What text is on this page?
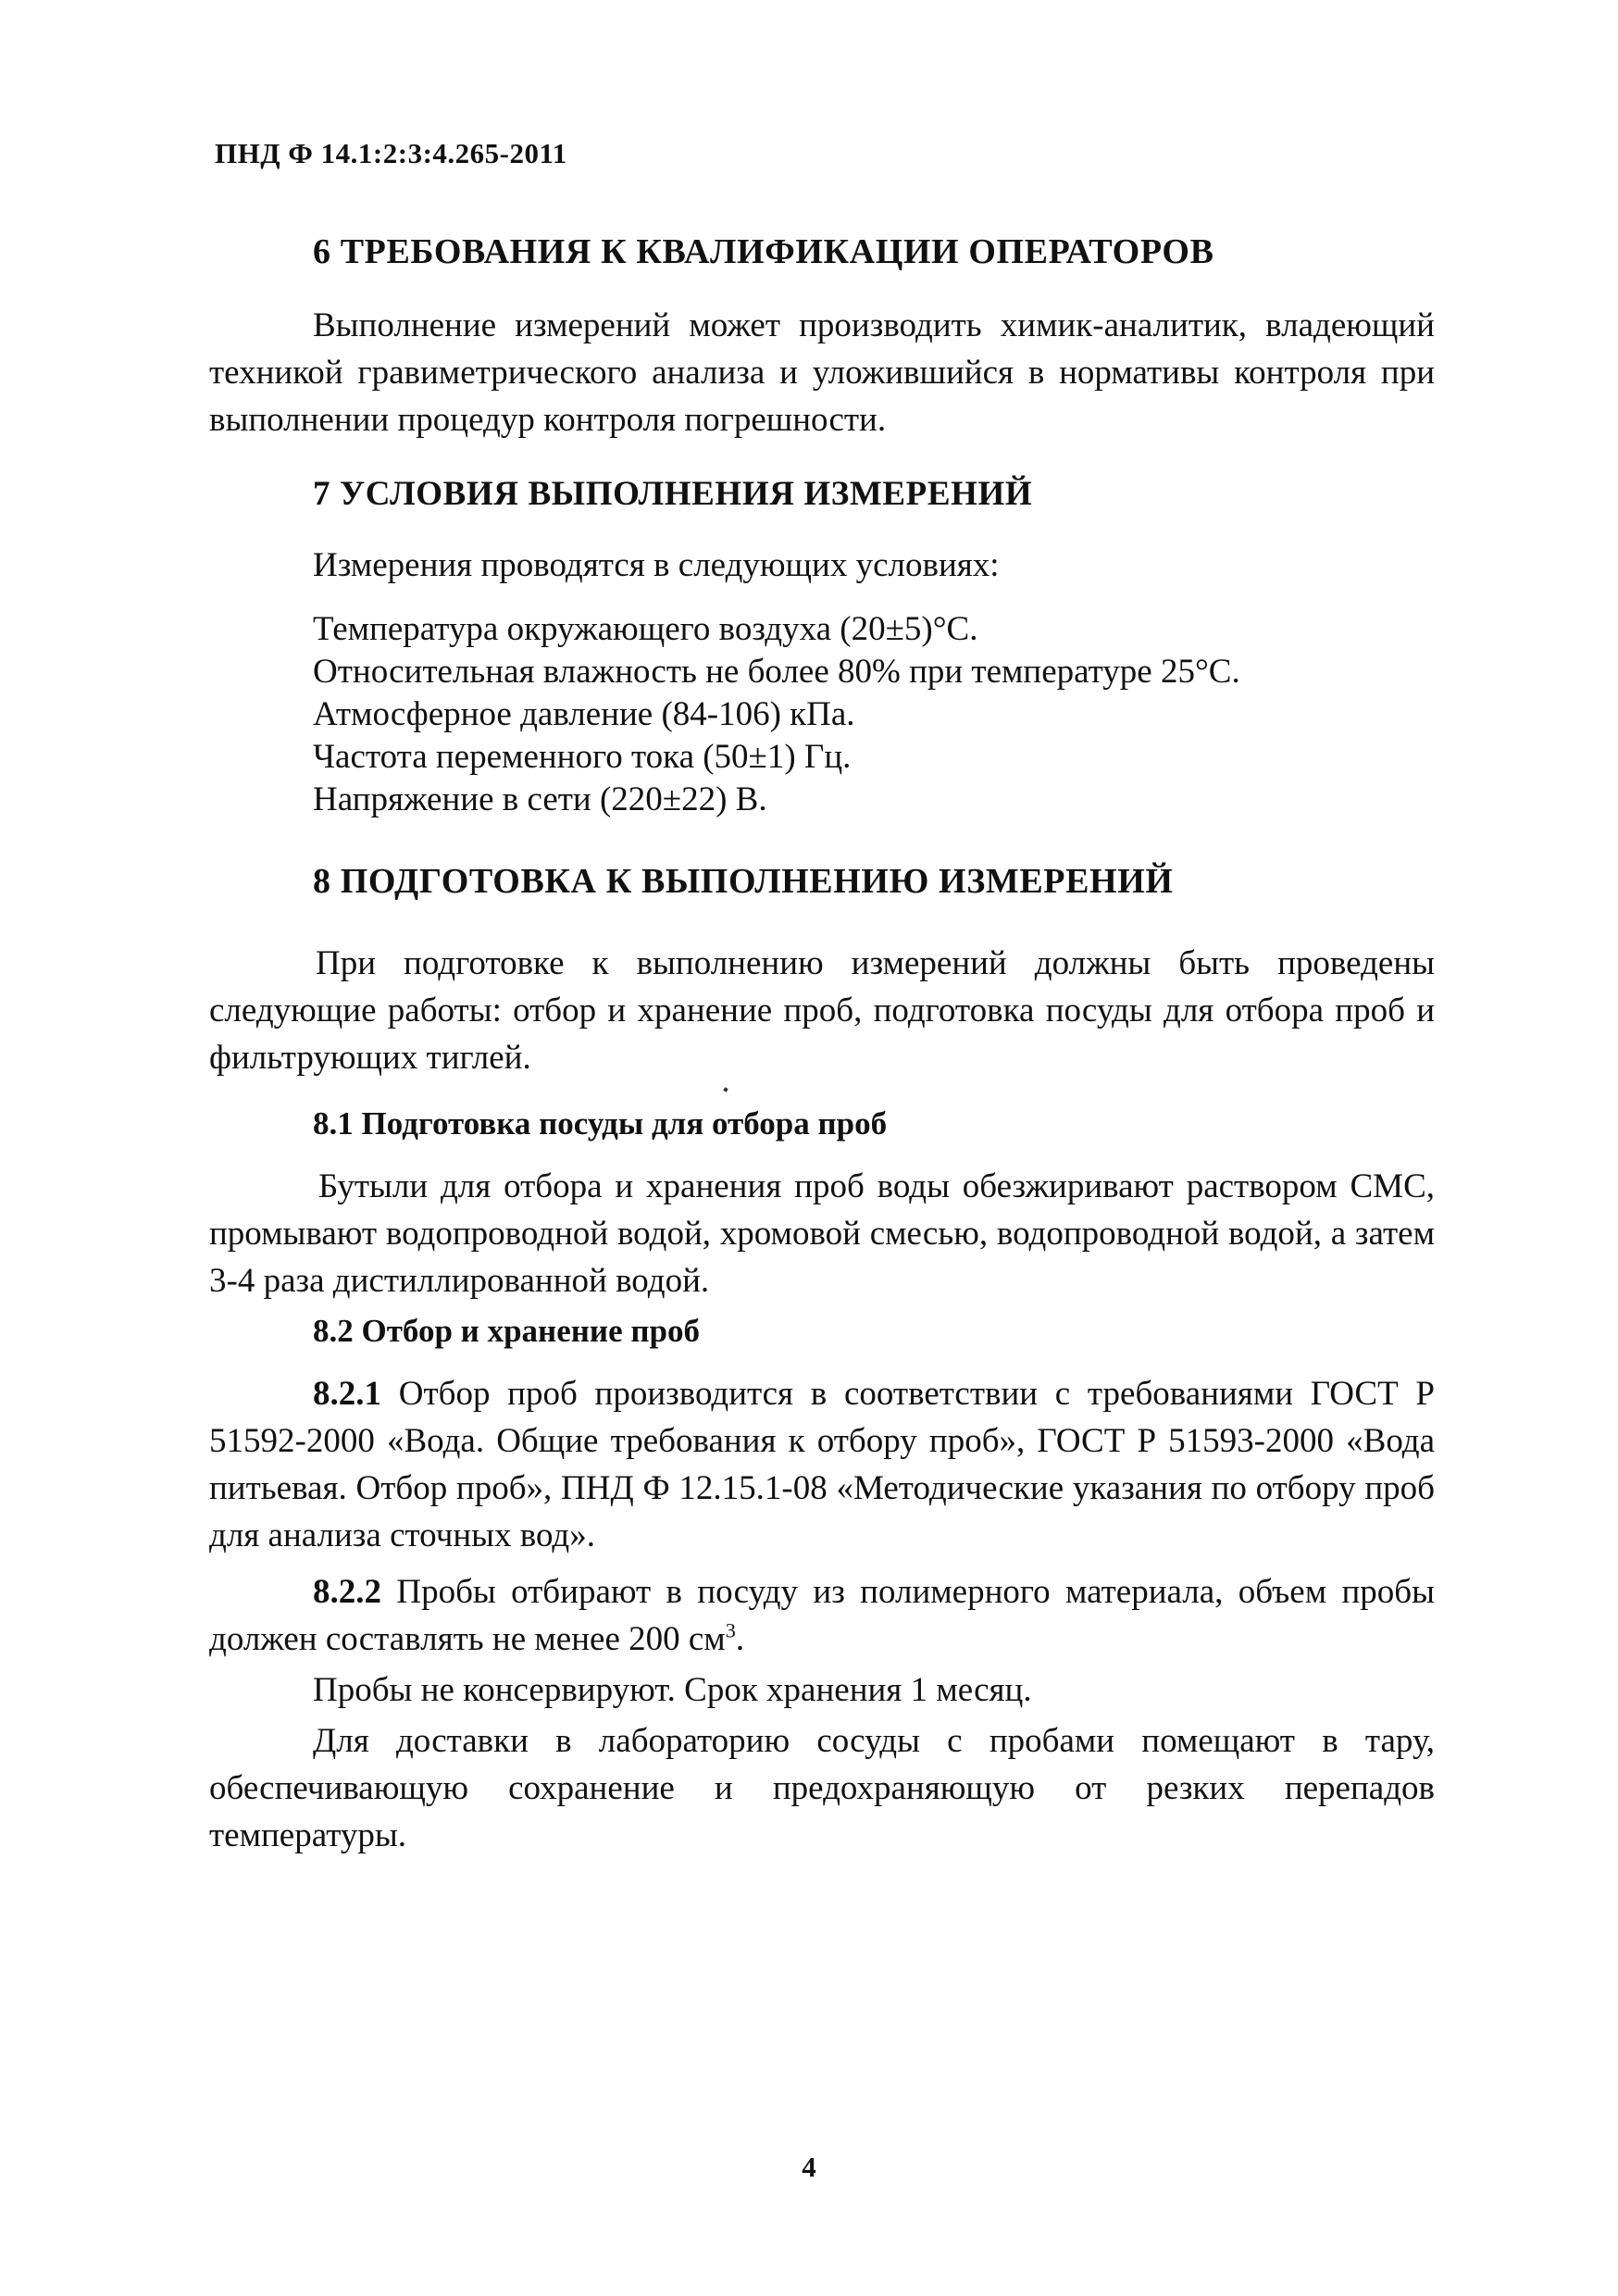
ПНД Ф 14.1:2:3:4.265-2011
6 ТРЕБОВАНИЯ К КВАЛИФИКАЦИИ ОПЕРАТОРОВ
Выполнение измерений может производить химик-аналитик, владеющий техникой гравиметрического анализа и уложившийся в нормативы контроля при выполнении процедур контроля погрешности.
7 УСЛОВИЯ ВЫПОЛНЕНИЯ ИЗМЕРЕНИЙ
Измерения проводятся в следующих условиях:
Температура окружающего воздуха (20±5)°С.
Относительная влажность не более 80% при температуре 25°С.
Атмосферное давление (84-106) кПа.
Частота переменного тока (50±1) Гц.
Напряжение в сети (220±22) В.
8 ПОДГОТОВКА К ВЫПОЛНЕНИЮ ИЗМЕРЕНИЙ
При подготовке к выполнению измерений должны быть проведены следующие работы: отбор и хранение проб, подготовка посуды для отбора проб и фильтрующих тиглей.
8.1 Подготовка посуды для отбора проб
Бутыли для отбора и хранения проб воды обезжиривают раствором СМС, промывают водопроводной водой, хромовой смесью, водопроводной водой, а затем 3-4 раза дистиллированной водой.
8.2 Отбор и хранение проб
8.2.1 Отбор проб производится в соответствии с требованиями ГОСТ Р 51592-2000 «Вода. Общие требования к отбору проб», ГОСТ Р 51593-2000 «Вода питьевая. Отбор проб», ПНД Ф 12.15.1-08 «Методические указания по отбору проб для анализа сточных вод».
8.2.2 Пробы отбирают в посуду из полимерного материала, объем пробы должен составлять не менее 200 $см^3$.
Пробы не консервируют. Срок хранения 1 месяц.
Для доставки в лабораторию сосуды с пробами помещают в тару, обеспечивающую сохранение и предохраняющую от резких перепадов температуры.
4
